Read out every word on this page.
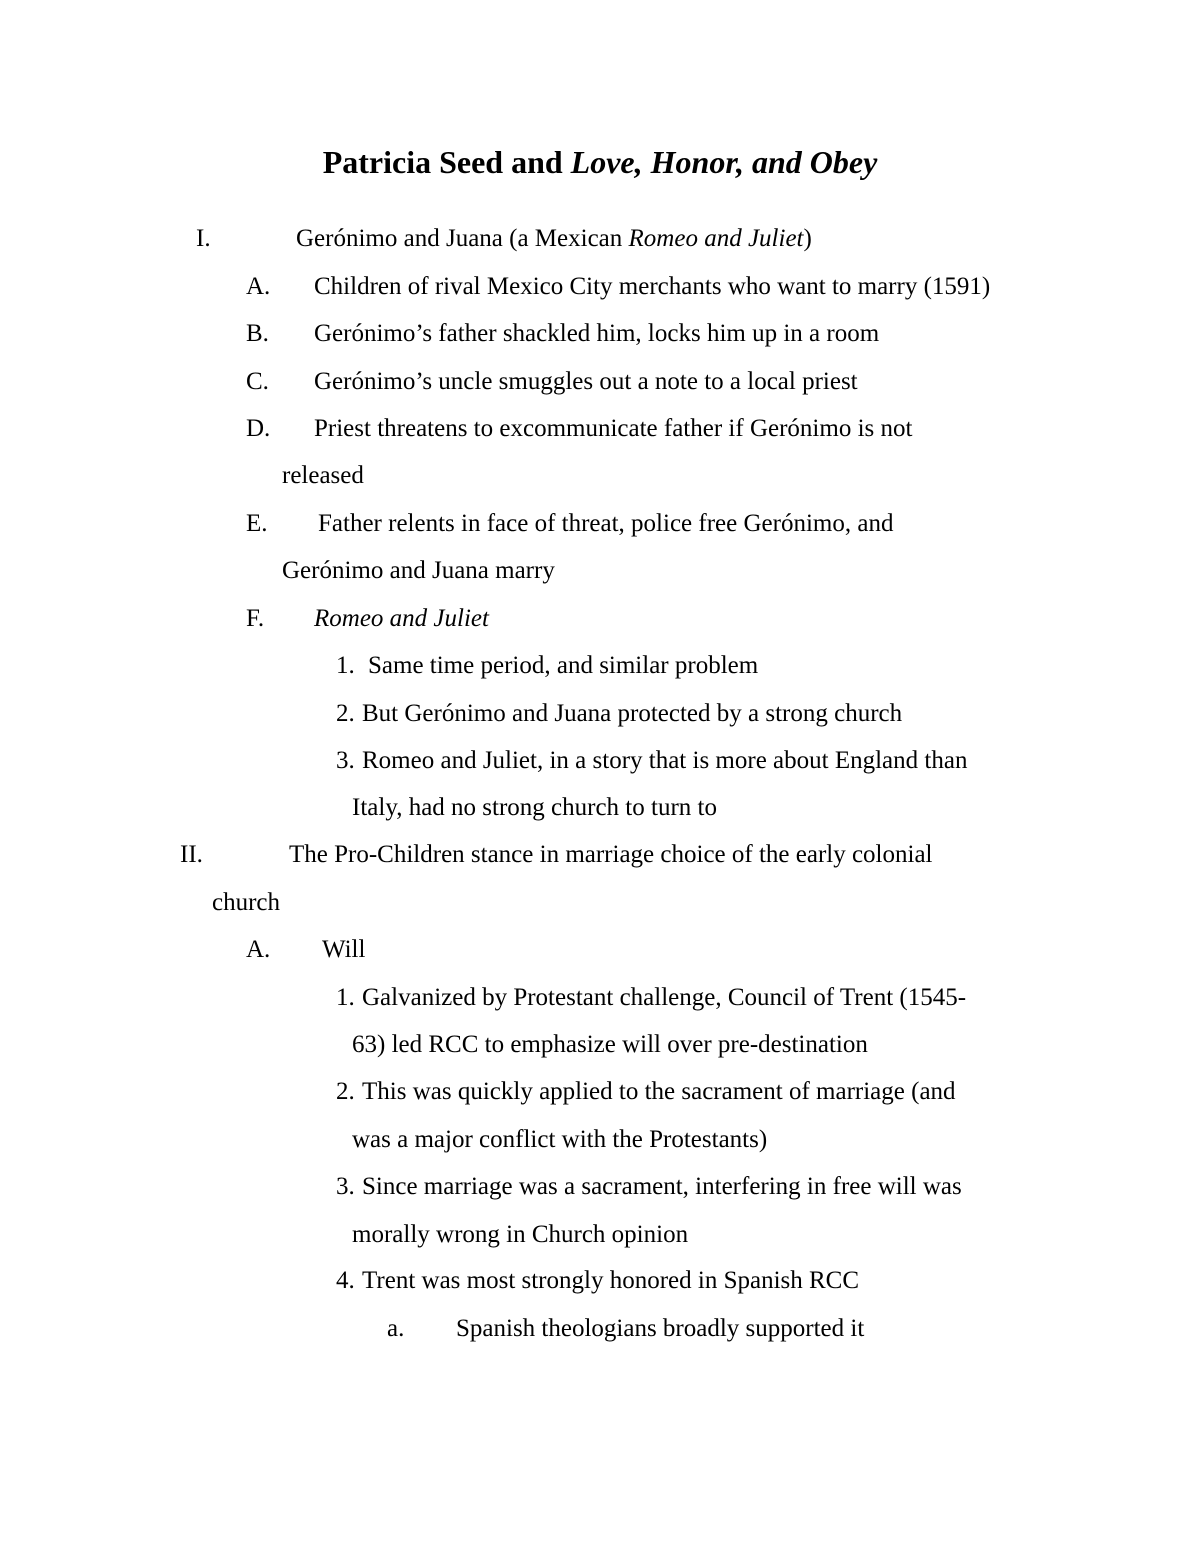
Patricia Seed and Love, Honor, and Obey
I.	Gerónimo and Juana (a Mexican Romeo and Juliet)
A. Children of rival Mexico City merchants who want to marry (1591)
B. Gerónimo’s father shackled him, locks him up in a room
C. Gerónimo’s uncle smuggles out a note to a local priest
D. Priest threatens to excommunicate father if Gerónimo is not
released
E. Father relents in face of threat, police free Gerónimo, and
Gerónimo and Juana marry
F. Romeo and Juliet
1. Same time period, and similar problem
2. But Gerónimo and Juana protected by a strong church
3. Romeo and Juliet, in a story that is more about England than
Italy, had no strong church to turn to
II.	The Pro-Children stance in marriage choice of the early colonial
church
A. Will
1. Galvanized by Protestant challenge, Council of Trent (1545-
63) led RCC to emphasize will over pre-destination
2. This was quickly applied to the sacrament of marriage (and
was a major conflict with the Protestants)
3. Since marriage was a sacrament, interfering in free will was
morally wrong in Church opinion
4. Trent was most strongly honored in Spanish RCC
a. Spanish theologians broadly supported it
